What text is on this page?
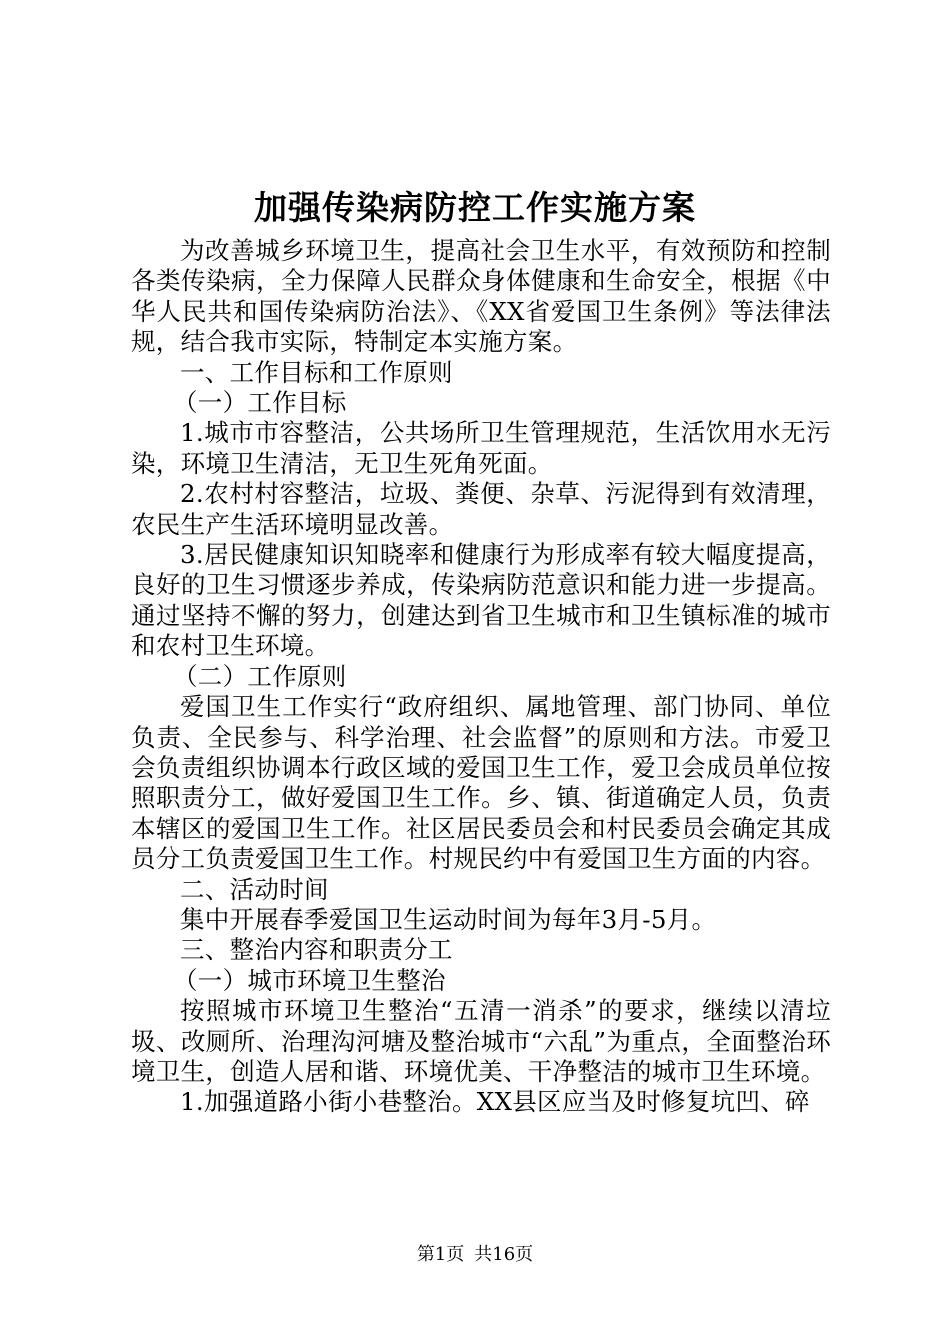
加强传染病防控工作实施方案

为改善城乡环境卫生，提高社会卫生水平，有效预防和控制各类传染病，全力保障人民群众身体健康和生命安全，根据《中华人民共和国传染病防治法》、《XX省爱国卫生条例》等法律法规，结合我市实际，特制定本实施方案。

一、工作目标和工作原则

（一）工作目标

1.城市市容整洁，公共场所卫生管理规范，生活饮用水无污染，环境卫生清洁，无卫生死角死面。

2.农村村容整洁，垃圾、粪便、杂草、污泥得到有效清理，农民生产生活环境明显改善。

3.居民健康知识知晓率和健康行为形成率有较大幅度提高，良好的卫生习惯逐步养成，传染病防范意识和能力进一步提高。通过坚持不懈的努力，创建达到省卫生城市和卫生镇标准的城市和农村卫生环境。

（二）工作原则

爱国卫生工作实行“政府组织、属地管理、部门协同、单位负责、全民参与、科学治理、社会监督”的原则和方法。市爱卫会负责组织协调本行政区域的爱国卫生工作，爱卫会成员单位按照职责分工，做好爱国卫生工作。乡、镇、街道确定人员，负责本辖区的爱国卫生工作。社区居民委员会和村民委员会确定其成员分工负责爱国卫生工作。村规民约中有爱国卫生方面的内容。

二、活动时间

集中开展春季爱国卫生运动时间为每年3月-5月。

三、整治内容和职责分工

（一）城市环境卫生整治

按照城市环境卫生整治“五清一消杀”的要求，继续以清垃圾、改厕所、治理沟河塘及整治城市“六乱”为重点，全面整治环境卫生，创造人居和谐、环境优美、干净整洁的城市卫生环境。

1.加强道路小街小巷整治。XX县区应当及时修复坑凹、碎

第1页 共16页
